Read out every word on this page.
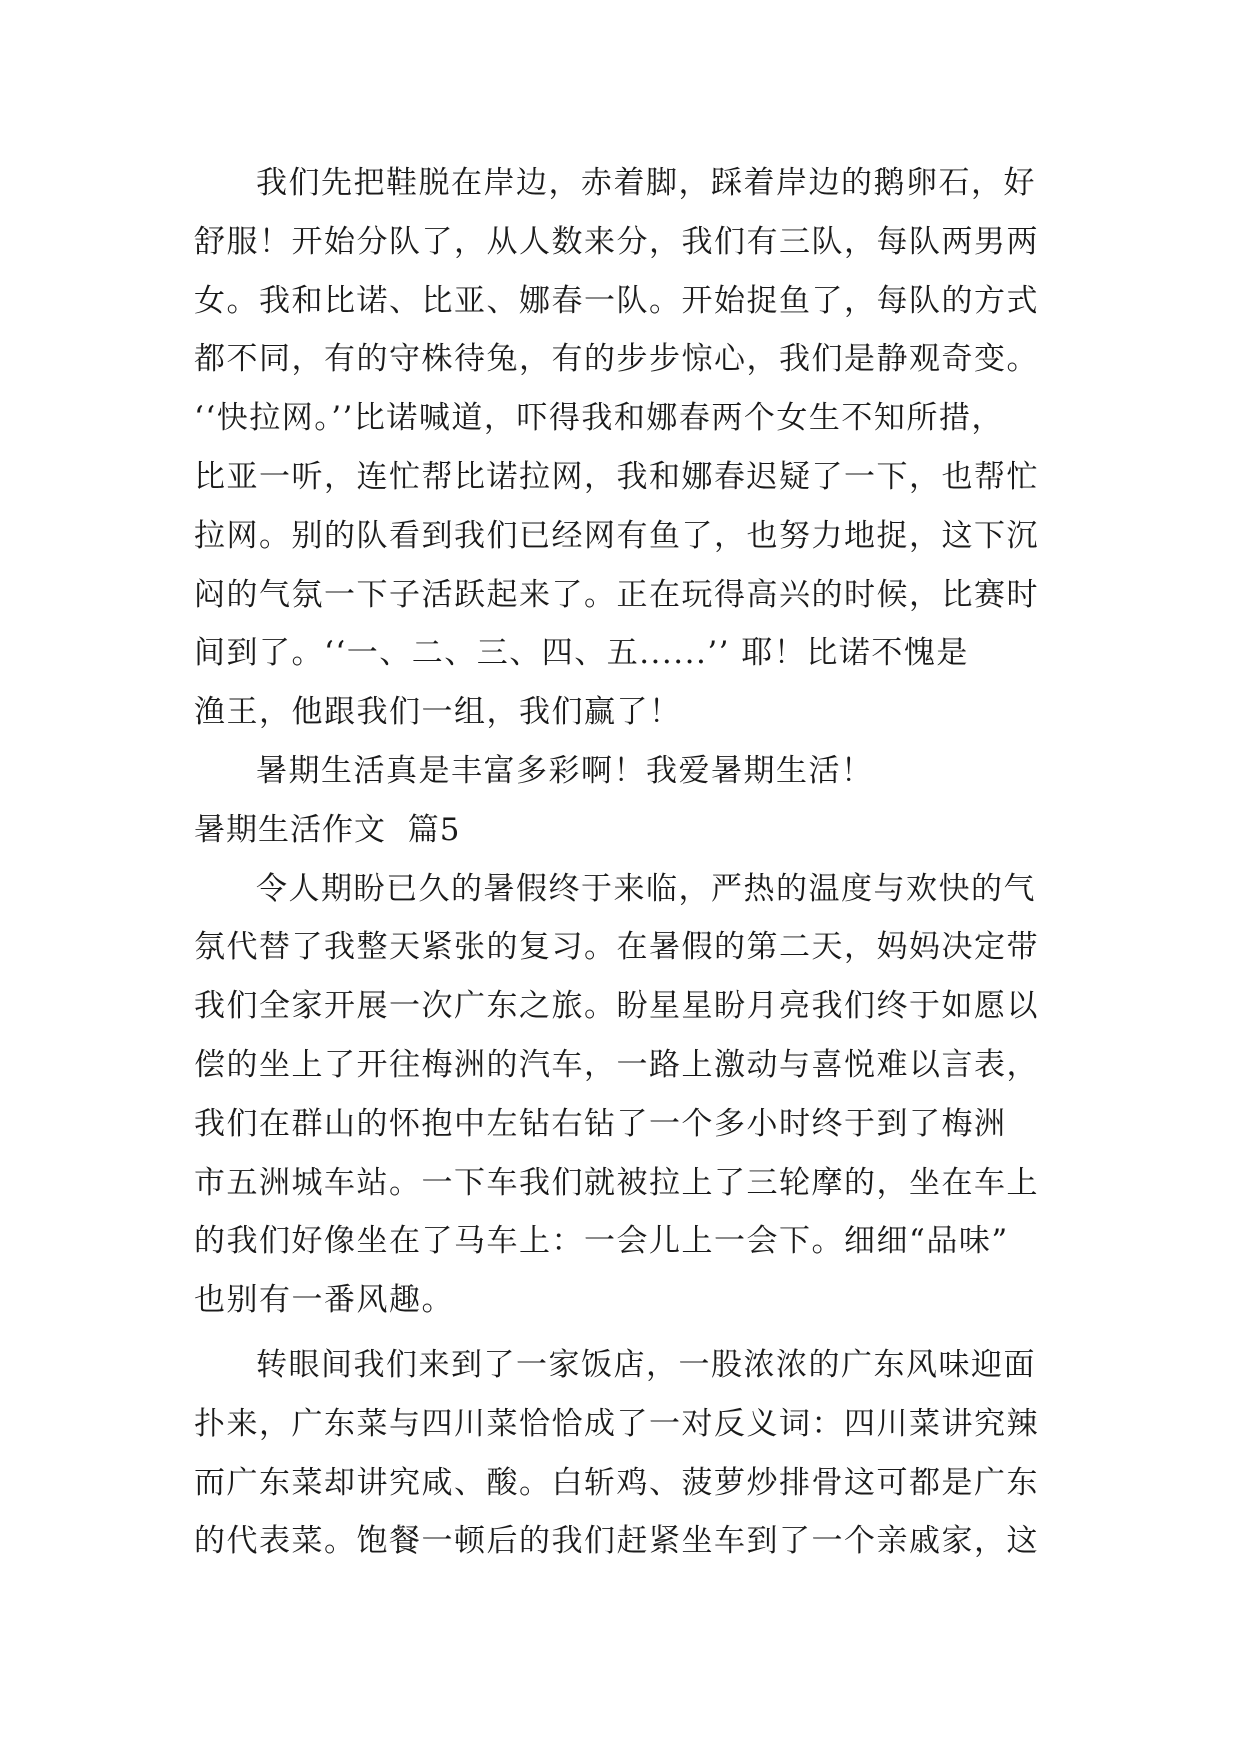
我们先把鞋脱在岸边，赤着脚，踩着岸边的鹅卵石，好
舒服！开始分队了，从人数来分，我们有三队，每队两男两
女。我和比诺、比亚、娜春一队。开始捉鱼了，每队的方式
都不同，有的守株待兔，有的步步惊心，我们是静观奇变。
‘‘快拉网。’’比诺喊道，吓得我和娜春两个女生不知所措，
比亚一听，连忙帮比诺拉网，我和娜春迟疑了一下，也帮忙
拉网。别的队看到我们已经网有鱼了，也努力地捉，这下沉
闷的气氛一下子活跃起来了。正在玩得高兴的时候，比赛时
间到了。‘‘一、二、三、四、五......’’ 耶！比诺不愧是
渔王，他跟我们一组，我们赢了！
暑期生活真是丰富多彩啊！我爱暑期生活！
暑期生活作文  篇5
令人期盼已久的暑假终于来临，严热的温度与欢快的气
氛代替了我整天紧张的复习。在暑假的第二天，妈妈决定带
我们全家开展一次广东之旅。盼星星盼月亮我们终于如愿以
偿的坐上了开往梅洲的汽车，一路上激动与喜悦难以言表，
我们在群山的怀抱中左钻右钻了一个多小时终于到了梅洲
市五洲城车站。一下车我们就被拉上了三轮摩的，坐在车上
的我们好像坐在了马车上：一会儿上一会下。细细“品味”
也别有一番风趣。
转眼间我们来到了一家饭店，一股浓浓的广东风味迎面
扑来，广东菜与四川菜恰恰成了一对反义词：四川菜讲究辣
而广东菜却讲究咸、酸。白斩鸡、菠萝炒排骨这可都是广东
的代表菜。饱餐一顿后的我们赶紧坐车到了一个亲戚家，这
